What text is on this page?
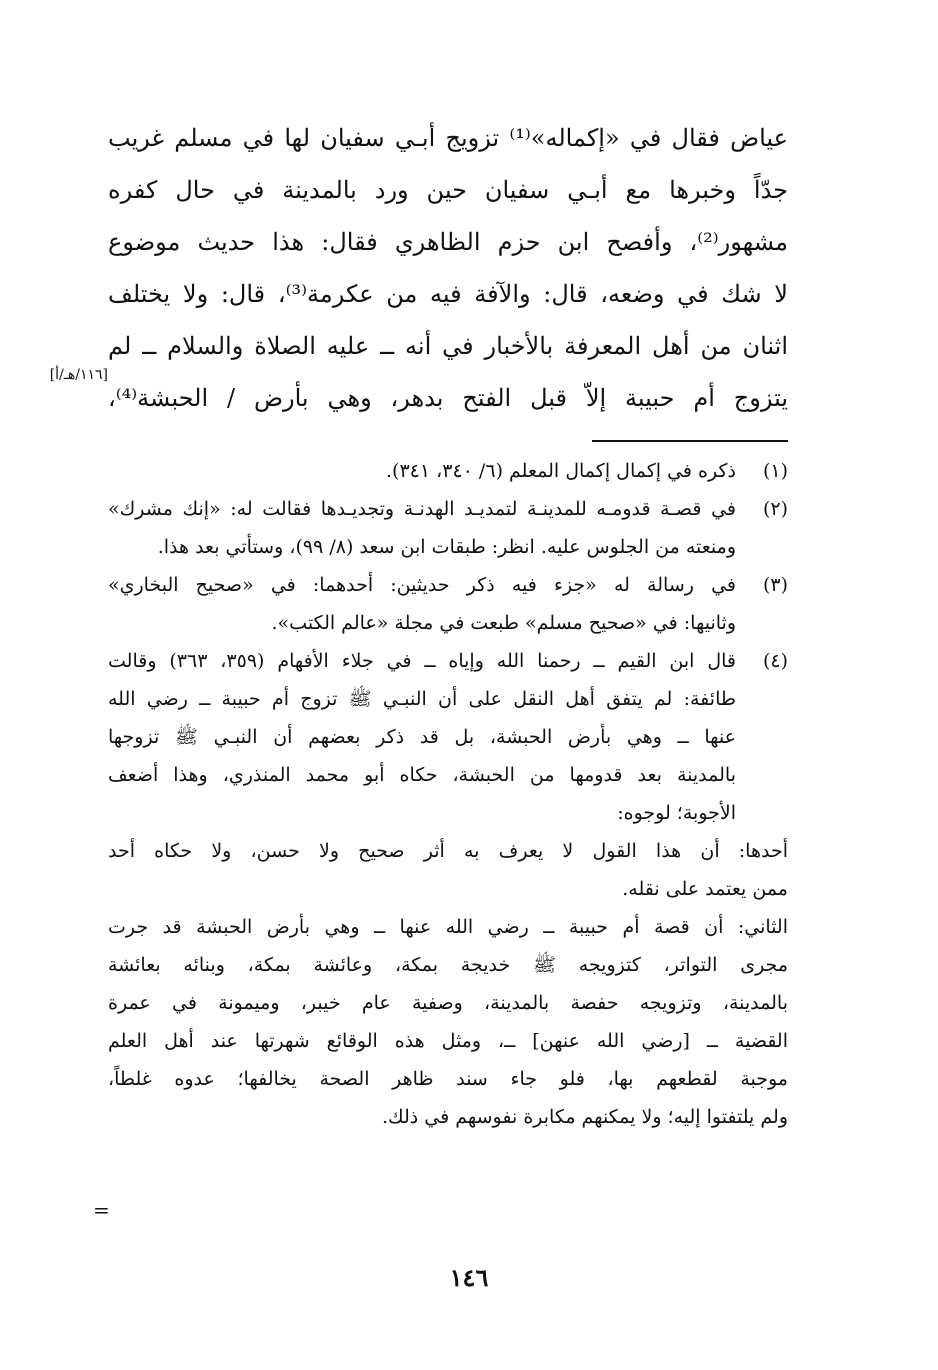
عياض فقال في «إكماله»⁽¹⁾ تزويج أبـي سفيان لها في مسلم غريب
جدّاً وخبرها مع أبـي سفيان حين ورد بالمدينة في حال كفره
مشهور⁽²⁾، وأفصح ابن حزم الظاهري فقال: هذا حديث موضوع
لا شك في وضعه، قال: والآفة فيه من عكرمة⁽³⁾، قال: ولا يختلف
اثنان من أهل المعرفة بالأخبار في أنه ــ عليه الصلاة والسلام ــ لم
يتزوج أم حبيبة إلاّ قبل الفتح بدهر، وهي بأرض / الحبشة⁽⁴⁾،
[١١٦/هـ/أ]
(١)
ذكره في إكمال إكمال المعلم (٦/ ٣٤٠، ٣٤١).
(٢)
في قصـة قدومـه للمدينـة لتمديـد الهدنـة وتجديـدها فقالت له: «إنك مشرك»
ومنعته من الجلوس عليه. انظر: طبقات ابن سعد (٨/ ٩٩)، وستأتي بعد هذا.
(٣)
في رسالة له «جزء فيه ذكر حديثين: أحدهما: في «صحيح البخاري»
وثانيها: في «صحيح مسلم» طبعت في مجلة «عالم الكتب».
(٤)
قال ابن القيم ــ رحمنا الله وإياه ــ في جلاء الأفهام (٣٥٩، ٣٦٣) وقالت
طائفة: لم يتفق أهل النقل على أن النبـي ﷺ تزوج أم حبيبة ــ رضي الله
عنها ــ وهي بأرض الحبشة، بل قد ذكر بعضهم أن النبـي ﷺ تزوجها
بالمدينة بعد قدومها من الحبشة، حكاه أبو محمد المنذري، وهذا أضعف
الأجوبة؛ لوجوه:
أحدها: أن هذا القول لا يعرف به أثر صحيح ولا حسن، ولا حكاه أحد
ممن يعتمد على نقله.
الثاني: أن قصة أم حبيبة ــ رضي الله عنها ــ وهي بأرض الحبشة قد جرت
مجرى التواتر، كتزويجه ﷺ خديجة بمكة، وعائشة بمكة، وبنائه بعائشة
بالمدينة، وتزويجه حفصة بالمدينة، وصفية عام خيبر، وميمونة في عمرة
القضية ــ [رضي الله عنهن] ــ، ومثل هذه الوقائع شهرتها عند أهل العلم
موجبة لقطعهم بها، فلو جاء سند ظاهر الصحة يخالفها؛ عدوه غلطاً،
ولم يلتفتوا إليه؛ ولا يمكنهم مكابرة نفوسهم في ذلك.
=
١٤٦
